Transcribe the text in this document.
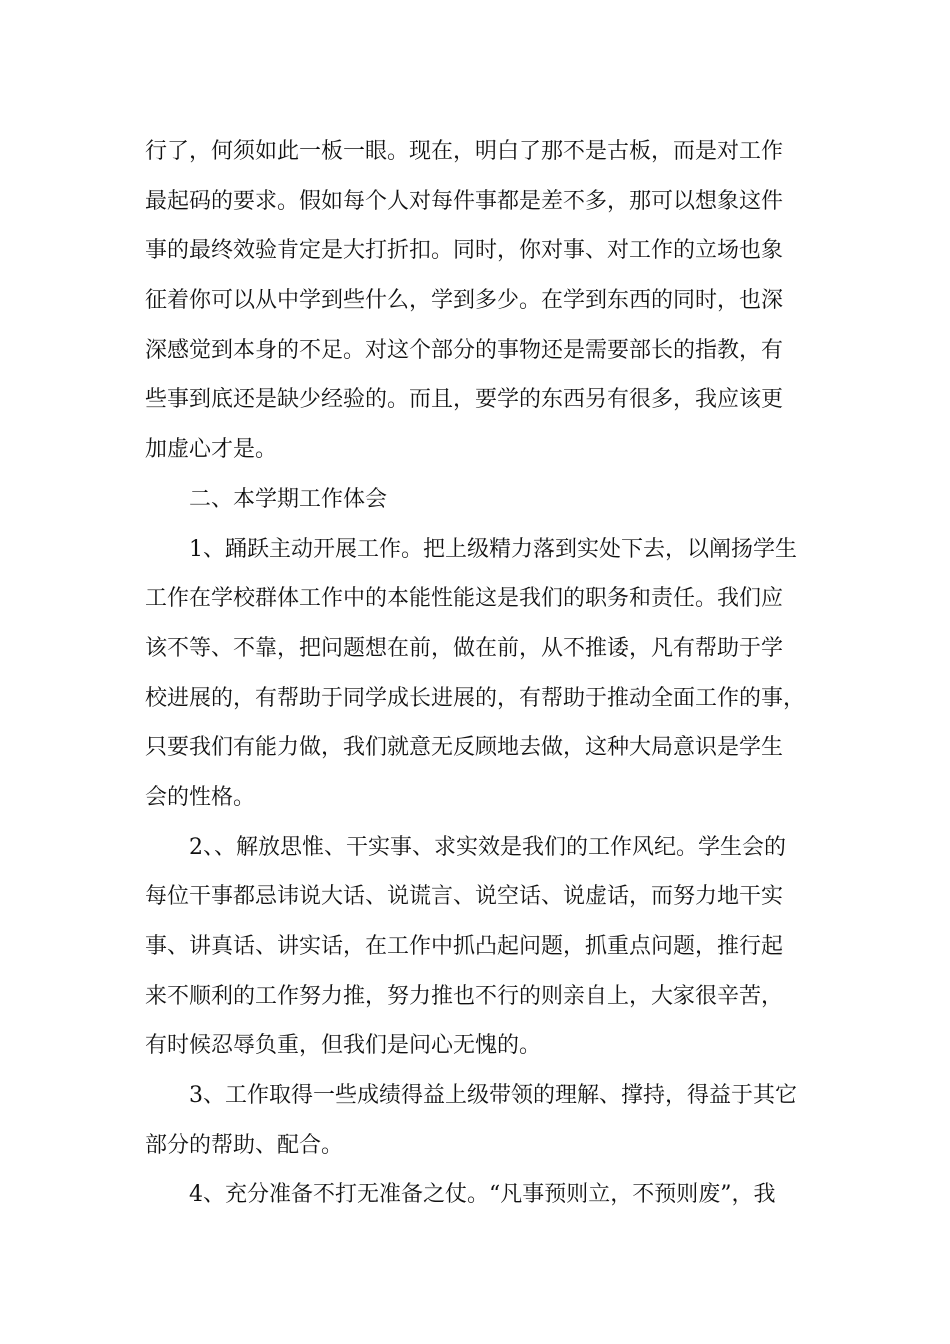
行了，何须如此一板一眼。现在，明白了那不是古板，而是对工作
最起码的要求。假如每个人对每件事都是差不多，那可以想象这件
事的最终效验肯定是大打折扣。同时，你对事、对工作的立场也象
征着你可以从中学到些什么，学到多少。在学到东西的同时，也深
深感觉到本身的不足。对这个部分的事物还是需要部长的指教，有
些事到底还是缺少经验的。而且，要学的东西另有很多，我应该更
加虚心才是。
二、本学期工作体会
1、踊跃主动开展工作。把上级精力落到实处下去，以阐扬学生
工作在学校群体工作中的本能性能这是我们的职务和责任。我们应
该不等、不靠，把问题想在前，做在前，从不推诿，凡有帮助于学
校进展的，有帮助于同学成长进展的，有帮助于推动全面工作的事，
只要我们有能力做，我们就意无反顾地去做，这种大局意识是学生
会的性格。
2、、解放思惟、干实事、求实效是我们的工作风纪。学生会的
每位干事都忌讳说大话、说谎言、说空话、说虚话，而努力地干实
事、讲真话、讲实话，在工作中抓凸起问题，抓重点问题，推行起
来不顺利的工作努力推，努力推也不行的则亲自上，大家很辛苦，
有时候忍辱负重，但我们是问心无愧的。
3、工作取得一些成绩得益上级带领的理解、撑持，得益于其它
部分的帮助、配合。
4、充分准备不打无准备之仗。“凡事预则立，不预则废”，我
